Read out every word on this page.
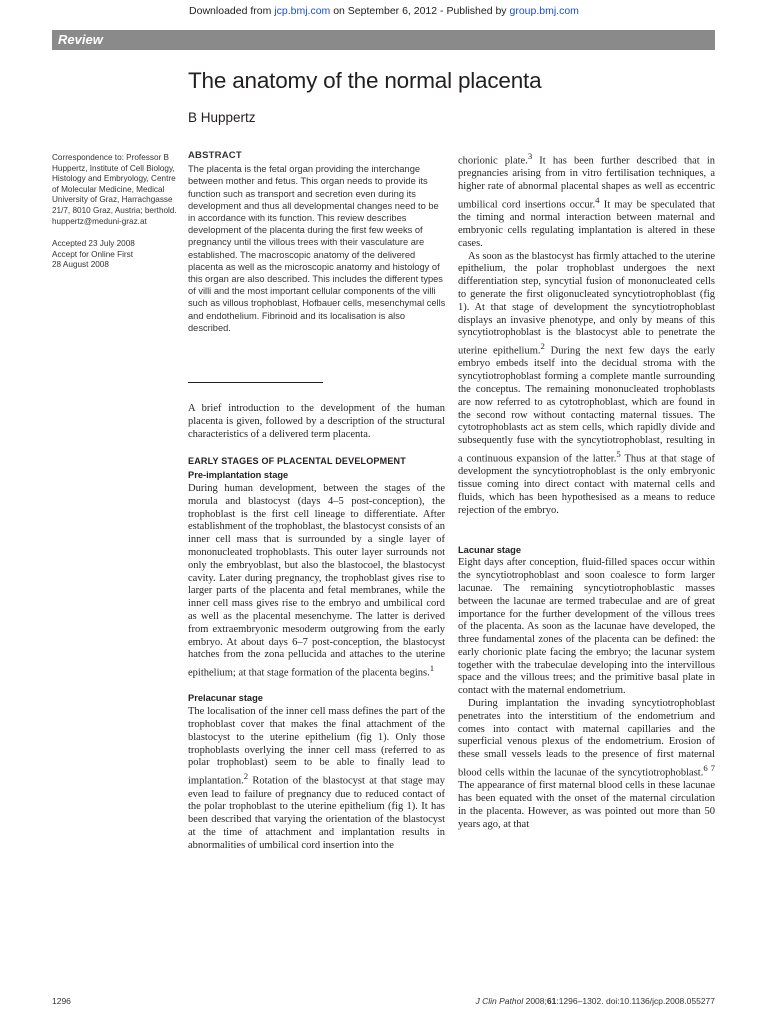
Downloaded from jcp.bmj.com on September 6, 2012 - Published by group.bmj.com
Review
The anatomy of the normal placenta
B Huppertz

Correspondence to: Professor B Huppertz, Institute of Cell Biology, Histology and Embryology, Centre of Molecular Medicine, Medical University of Graz, Harrachgasse 21/7, 8010 Graz, Austria; berthold. huppertz@meduni-graz.at

Accepted 23 July 2008
Accept for Online First
28 August 2008

ABSTRACT

The placenta is the fetal organ providing the interchange between mother and fetus. This organ needs to provide its function such as transport and secretion even during its development and thus all developmental changes need to be in accordance with its function. This review describes development of the placenta during the first few weeks of pregnancy until the villous trees with their vasculature are established. The macroscopic anatomy of the delivered placenta as well as the microscopic anatomy and histology of this organ are also described. This includes the different types of villi and the most important cellular components of the villi such as villous trophoblast, Hofbauer cells, mesenchymal cells and endothelium. Fibrinoid and its localisation is also described.

A brief introduction to the development of the human placenta is given, followed by a description of the structural characteristics of a delivered term placenta.

EARLY STAGES OF PLACENTAL DEVELOPMENT
Pre-implantation stage

During human development, between the stages of the morula and blastocyst (days 4–5 post-conception), the trophoblast is the first cell lineage to differentiate. After establishment of the trophoblast, the blastocyst consists of an inner cell mass that is surrounded by a single layer of mononucleated trophoblasts. This outer layer surrounds not only the embryoblast, but also the blastocoel, the blastocyst cavity. Later during pregnancy, the trophoblast gives rise to larger parts of the placenta and fetal membranes, while the inner cell mass gives rise to the embryo and umbilical cord as well as the placental mesenchyme. The latter is derived from extraembryonic mesoderm outgrowing from the early embryo. At about days 6–7 post-conception, the blastocyst hatches from the zona pellucida and attaches to the uterine epithelium; at that stage formation of the placenta begins.$^1$

Prelacunar stage

The localisation of the inner cell mass defines the part of the trophoblast cover that makes the final attachment of the blastocyst to the uterine epithelium (fig 1). Only those trophoblasts overlying the inner cell mass (referred to as polar trophoblast) seem to be able to finally lead to implantation.$^2$ Rotation of the blastocyst at that stage may even lead to failure of pregnancy due to reduced contact of the polar trophoblast to the uterine epithelium (fig 1). It has been described that varying the orientation of the blastocyst at the time of attachment and implantation results in abnormalities of umbilical cord insertion into the

chorionic plate.$^3$ It has been further described that in pregnancies arising from in vitro fertilisation techniques, a higher rate of abnormal placental shapes as well as eccentric umbilical cord insertions occur.$^4$ It may be speculated that the timing and normal interaction between maternal and embryonic cells regulating implantation is altered in these cases.

As soon as the blastocyst has firmly attached to the uterine epithelium, the polar trophoblast undergoes the next differentiation step, syncytial fusion of mononucleated cells to generate the first oligonucleated syncytiotrophoblast (fig 1). At that stage of development the syncytiotrophoblast displays an invasive phenotype, and only by means of this syncytiotrophoblast is the blastocyst able to penetrate the uterine epithelium.$^2$ During the next few days the early embryo embeds itself into the decidual stroma with the syncytiotrophoblast forming a complete mantle surrounding the conceptus. The remaining mononucleated trophoblasts are now referred to as cytotrophoblast, which are found in the second row without contacting maternal tissues. The cytotrophoblasts act as stem cells, which rapidly divide and subsequently fuse with the syncytiotrophoblast, resulting in a continuous expansion of the latter.$^5$ Thus at that stage of development the syncytiotrophoblast is the only embryonic tissue coming into direct contact with maternal cells and fluids, which has been hypothesised as a means to reduce rejection of the embryo.

Lacunar stage

Eight days after conception, fluid-filled spaces occur within the syncytiotrophoblast and soon coalesce to form larger lacunae. The remaining syncytiotrophoblastic masses between the lacunae are termed trabeculae and are of great importance for the further development of the villous trees of the placenta. As soon as the lacunae have developed, the three fundamental zones of the placenta can be defined: the early chorionic plate facing the embryo; the lacunar system together with the trabeculae developing into the intervillous space and the villous trees; and the primitive basal plate in contact with the maternal endometrium.

During implantation the invading syncytiotrophoblast penetrates into the interstitium of the endometrium and comes into contact with maternal capillaries and the superficial venous plexus of the endometrium. Erosion of these small vessels leads to the presence of first maternal blood cells within the lacunae of the syncytiotrophoblast.$^{6 7}$ The appearance of first maternal blood cells in these lacunae has been equated with the onset of the maternal circulation in the placenta. However, as was pointed out more than 50 years ago, at that

1296	J Clin Pathol 2008;61:1296–1302. doi:10.1136/jcp.2008.055277
